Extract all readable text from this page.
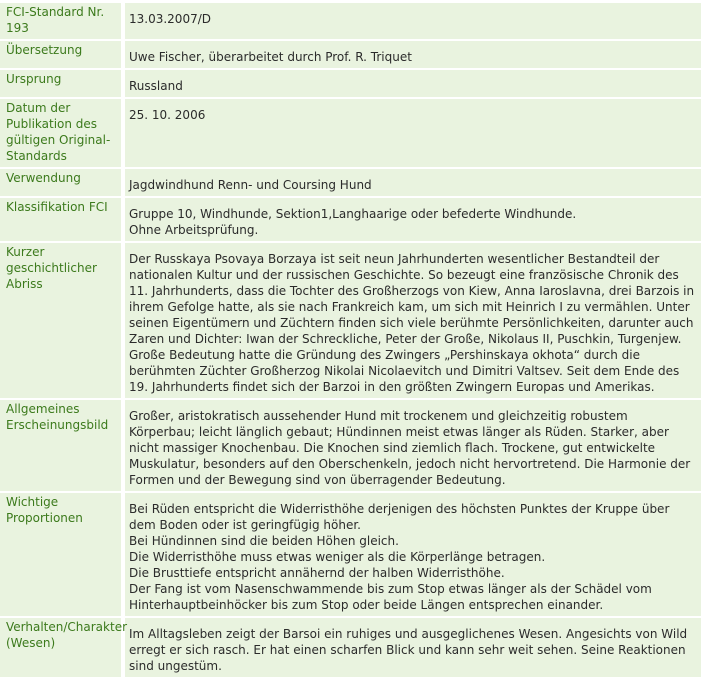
FCI-Standard Nr. 193		13.03.2007/D

Übersetzung		Uwe Fischer, überarbeitet durch Prof. R. Triquet

Ursprung		Russland

Datum der Publikation des gültigen Original-Standards		25. 10. 2006

Verwendung		Jagdwindhund Renn- und Coursing Hund

Klassifikation FCI		Gruppe 10, Windhunde, Sektion1,Langhaarige oder befederte Windhunde.
Ohne Arbeitsprüfung.

Kurzer geschichtlicher Abriss		Der Russkaya Psovaya Borzaya ist seit neun Jahrhunderten wesentlicher Bestandteil der nationalen Kultur und der russischen Geschichte. So bezeugt eine französische Chronik des 11. Jahrhunderts, dass die Tochter des Großherzogs von Kiew, Anna Iaroslavna, drei Barzois in ihrem Gefolge hatte, als sie nach Frankreich kam, um sich mit Heinrich I zu vermählen. Unter seinen Eigentümern und Züchtern finden sich viele berühmte Persönlichkeiten, darunter auch Zaren und Dichter: Iwan der Schreckliche, Peter der Große, Nikolaus II, Puschkin, Turgenjew. Große Bedeutung hatte die Gründung des Zwingers „Pershinskaya okhota“ durch die berühmten Züchter Großherzog Nikolai Nicolaevitch und Dimitri Valtsev. Seit dem Ende des 19. Jahrhunderts findet sich der Barzoi in den größten Zwingern Europas und Amerikas.

Allgemeines Erscheinungsbild		Großer, aristokratisch aussehender Hund mit trockenem und gleichzeitig robustem Körperbau; leicht länglich gebaut; Hündinnen meist etwas länger als Rüden. Starker, aber nicht massiger Knochenbau. Die Knochen sind ziemlich flach. Trockene, gut entwickelte Muskulatur, besonders auf den Oberschenkeln, jedoch nicht hervortretend. Die Harmonie der Formen und der Bewegung sind von überragender Bedeutung.

Wichtige Proportionen		Bei Rüden entspricht die Widerristhöhe derjenigen des höchsten Punktes der Kruppe über dem Boden oder ist geringfügig höher.
Bei Hündinnen sind die beiden Höhen gleich.
Die Widerristhöhe muss etwas weniger als die Körperlänge betragen.
Die Brusttiefe entspricht annähernd der halben Widerristhöhe.
Der Fang ist vom Nasenschwammende bis zum Stop etwas länger als der Schädel vom Hinterhauptbeinhöcker bis zum Stop oder beide Längen entsprechen einander.

Verhalten/Charakter (Wesen)		Im Alltagsleben zeigt der Barsoi ein ruhiges und ausgeglichenes Wesen. Angesichts von Wild erregt er sich rasch. Er hat einen scharfen Blick und kann sehr weit sehen. Seine Reaktionen sind ungestüm.
